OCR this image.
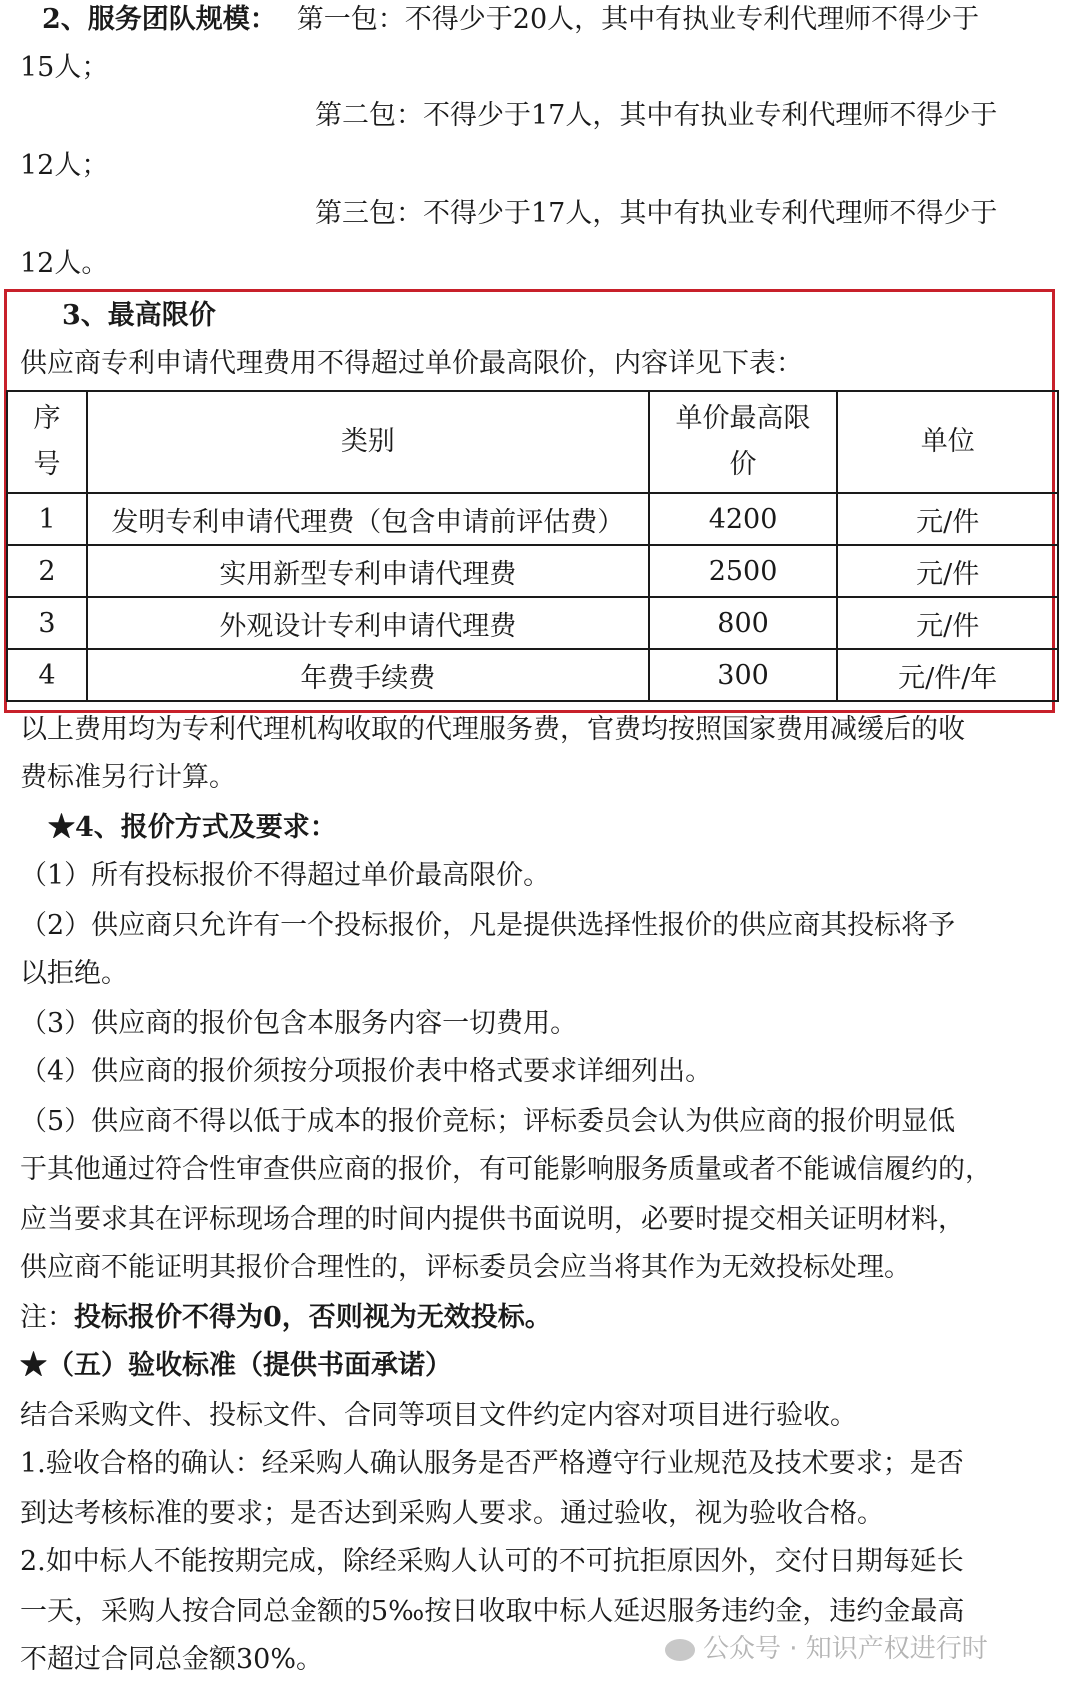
2、服务团队规模： 第一包：不得少于20人，其中有执业专利代理师不得少于
15人；
第二包：不得少于17人，其中有执业专利代理师不得少于
12人；
第三包：不得少于17人，其中有执业专利代理师不得少于
12人。
3、最高限价
供应商专利申请代理费用不得超过单价最高限价，内容详见下表：
序号	类别	单价最高限价	单位
1	发明专利申请代理费（包含申请前评估费）	4200	元/件
2	实用新型专利申请代理费	2500	元/件
3	外观设计专利申请代理费	800	元/件
4	年费手续费	300	元/件/年
以上费用均为专利代理机构收取的代理服务费，官费均按照国家费用减缓后的收
费标准另行计算。
★4、报价方式及要求：
（1）所有投标报价不得超过单价最高限价。
（2）供应商只允许有一个投标报价，凡是提供选择性报价的供应商其投标将予
以拒绝。
（3）供应商的报价包含本服务内容一切费用。
（4）供应商的报价须按分项报价表中格式要求详细列出。
（5）供应商不得以低于成本的报价竞标；评标委员会认为供应商的报价明显低
于其他通过符合性审查供应商的报价，有可能影响服务质量或者不能诚信履约的，
应当要求其在评标现场合理的时间内提供书面说明，必要时提交相关证明材料，
供应商不能证明其报价合理性的，评标委员会应当将其作为无效投标处理。
注：投标报价不得为0，否则视为无效投标。
★（五）验收标准（提供书面承诺）
结合采购文件、投标文件、合同等项目文件约定内容对项目进行验收。
1.验收合格的确认：经采购人确认服务是否严格遵守行业规范及技术要求；是否
到达考核标准的要求；是否达到采购人要求。通过验收，视为验收合格。
2.如中标人不能按期完成，除经采购人认可的不可抗拒原因外，交付日期每延长
一天，采购人按合同总金额的5‰按日收取中标人延迟服务违约金，违约金最高
不超过合同总金额30%。	公众号 · 知识产权进行时
